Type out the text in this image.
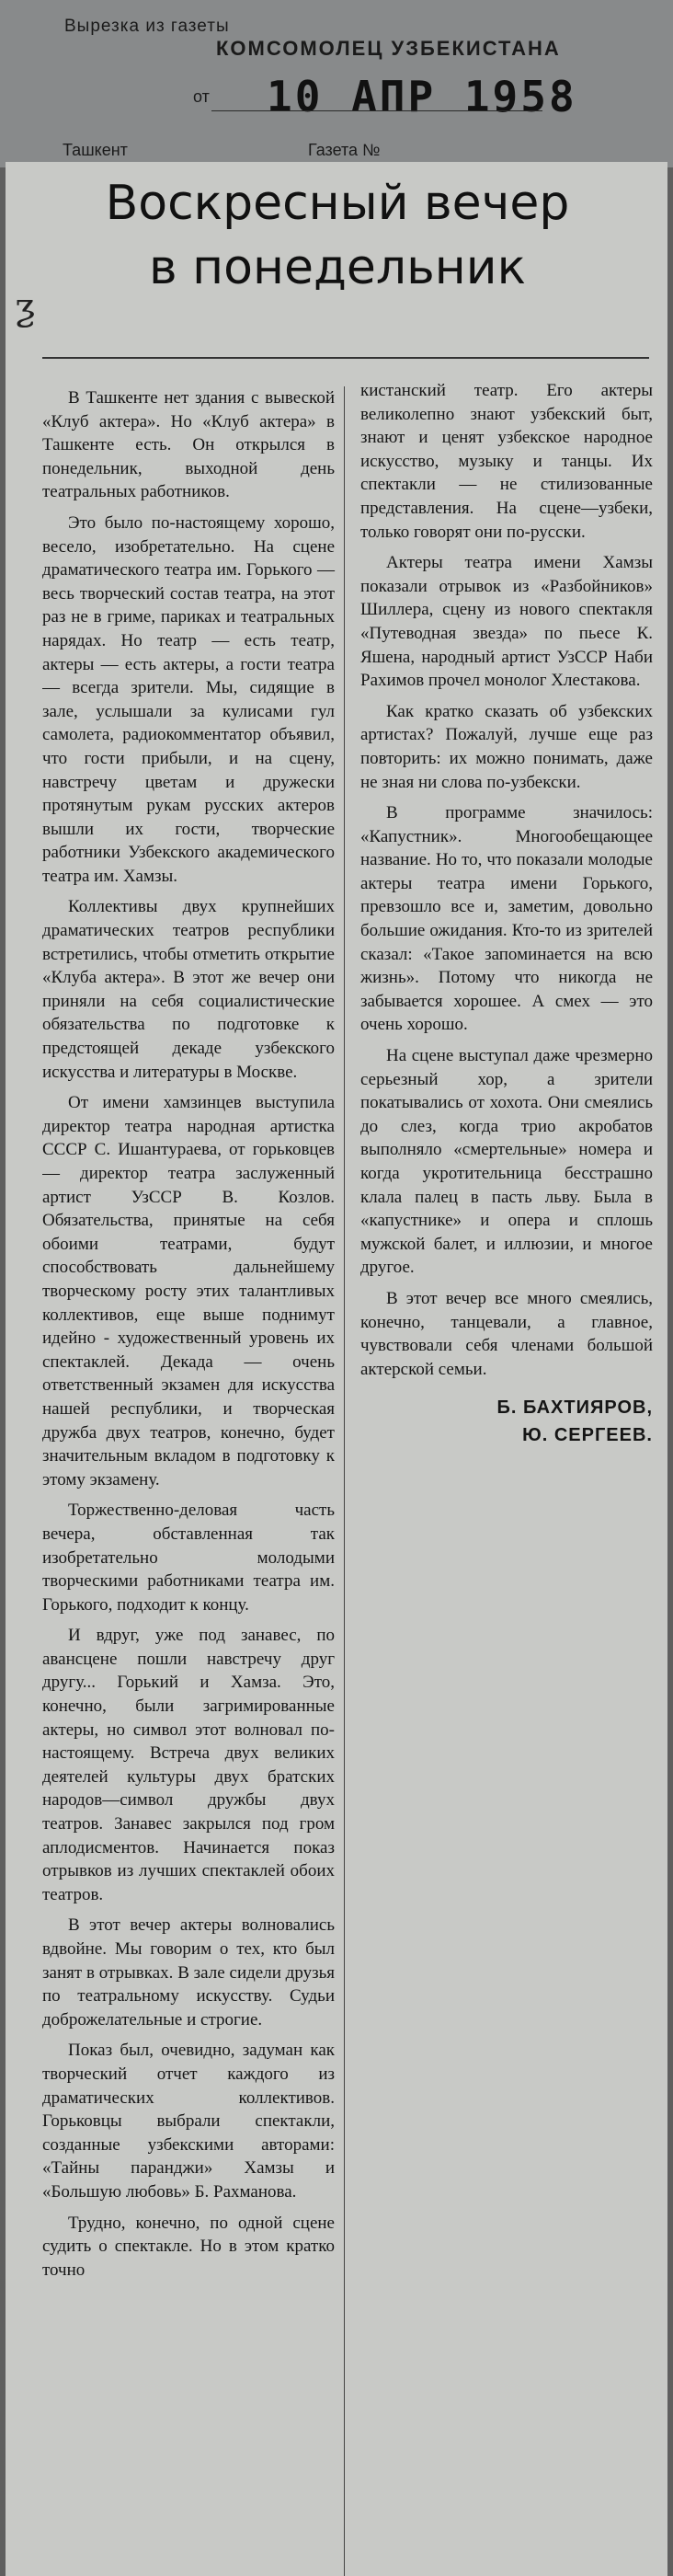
Вырезка из газеты
КОМСОМОЛЕЦ УЗБЕКИСТАНА
от 10 АПР 1958
Ташкент	Газета №
Воскресный вечер
в понедельник
ƺ

В Ташкенте нет здания с вывеской «Клуб актера». Но «Клуб актера» в Ташкенте есть. Он открылся в понедельник, выходной день театральных работников.

Это было по-настоящему хорошо, весело, изобретательно. На сцене драматического театра им. Горького — весь творческий состав театра, на этот раз не в гриме, париках и театральных нарядах. Но театр — есть театр, актеры — есть актеры, а гости театра — всегда зрители. Мы, сидящие в зале, услышали за кулисами гул самолета, радиокомментатор объявил, что гости прибыли, и на сцену, навстречу цветам и дружески протянутым рукам русских актеров вышли их гости, творческие работники Узбекского академического театра им. Хамзы.

Коллективы двух крупнейших драматических театров республики встретились, чтобы отметить открытие «Клуба актера». В этот же вечер они приняли на себя социалистические обязательства по подготовке к предстоящей декаде узбекского искусства и литературы в Москве.

От имени хамзинцев выступила директор театра народная артистка СССР С. Ишантураева, от горьковцев — директор театра заслуженный артист УзССР В. Козлов. Обязательства, принятые на себя обоими театрами, будут способствовать дальнейшему творческому росту этих талантливых коллективов, еще выше поднимут идейно - художественный уровень их спектаклей. Декада — очень ответственный экзамен для искусства нашей республики, и творческая дружба двух театров, конечно, будет значительным вкладом в подготовку к этому экзамену.

Торжественно-деловая часть вечера, обставленная так изобретательно молодыми творческими работниками театра им. Горького, подходит к концу.

И вдруг, уже под занавес, по авансцене пошли навстречу друг другу... Горький и Хамза. Это, конечно, были загримированные актеры, но символ этот волновал по-настоящему. Встреча двух великих деятелей культуры двух братских народов—символ дружбы двух театров. Занавес закрылся под гром аплодисментов. Начинается показ отрывков из лучших спектаклей обоих театров.

В этот вечер актеры волновались вдвойне. Мы говорим о тех, кто был занят в отрывках. В зале сидели друзья по театральному искусству. Судьи доброжелательные и строгие.

Показ был, очевидно, задуман как творческий отчет каждого из драматических коллективов. Горьковцы выбрали спектакли, созданные узбекскими авторами: «Тайны паранджи» Хамзы и «Большую любовь» Б. Рахманова.

Трудно, конечно, по одной сцене судить о спектакле. Но в этом кратко точно

кистанский театр. Его актеры великолепно знают узбекский быт, знают и ценят узбекское народное искусство, музыку и танцы. Их спектакли — не стилизованные представления. На сцене—узбеки, только говорят они по-русски.

Актеры театра имени Хамзы показали отрывок из «Разбойников» Шиллера, сцену из нового спектакля «Путеводная звезда» по пьесе К. Яшена, народный артист УзССР Наби Рахимов прочел монолог Хлестакова.

Как кратко сказать об узбекских артистах? Пожалуй, лучше еще раз повторить: их можно понимать, даже не зная ни слова по-узбекски.

В программе значилось: «Капустник». Многообещающее название. Но то, что показали молодые актеры театра имени Горького, превзошло все и, заметим, довольно большие ожидания. Кто-то из зрителей сказал: «Такое запоминается на всю жизнь». Потому что никогда не забывается хорошее. А смех — это очень хорошо.

На сцене выступал даже чрезмерно серьезный хор, а зрители покатывались от хохота. Они смеялись до слез, когда трио акробатов выполняло «смертельные» номера и когда укротительница бесстрашно клала палец в пасть льву. Была в «капустнике» и опера и сплошь мужской балет, и иллюзии, и многое другое.

В этот вечер все много смеялись, конечно, танцевали, а главное, чувствовали себя членами большой актерской семьи.

Б. БАХТИЯРОВ,
Ю. СЕРГЕЕВ.
